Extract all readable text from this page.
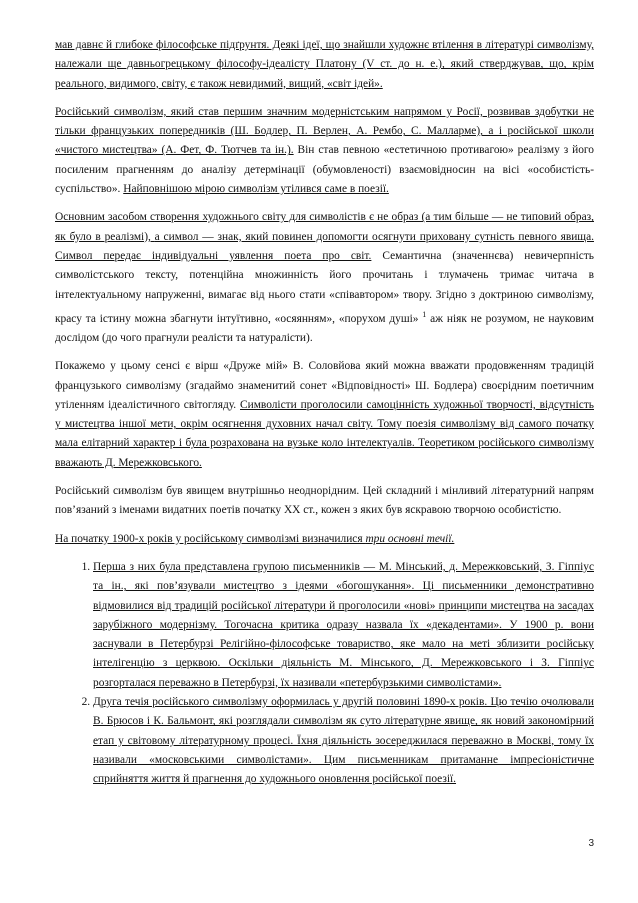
мав давнє й глибоке філософське підґрунтя. Деякі ідеї, що знайшли художнє втілення в літературі символізму, належали ще давньогрецькому філософу-ідеалісту Платону (V ст. до н. е.), який стверджував, що, крім реального, видимого, світу, є також невидимий, вищий, «світ ідей».

Російський символізм, який став першим значним модерністським напрямом у Росії, розвивав здобутки не тільки французьких попередників (Ш. Бодлер, П. Верлен, А. Рембо, С. Малларме), а і російської школи «чистого мистецтва» (А. Фет, Ф. Тютчев та ін.). Він став певною «естетичною противагою» реалізму з його посиленим прагненням до аналізу детермінації (обумовленості) взаємовідносин на вісі «особистість-суспільство». Найповнішою мірою символізм утілився саме в поезії.

Основним засобом створення художнього світу для символістів є не образ (а тим більше — не типовий образ, як було в реалізмі), а символ — знак, який повинен допомогти осягнути приховану сутність певного явища. Символ передає індивідуальні уявлення поета про світ. Семантична (значеннєва) невичерпність символістського тексту, потенційна множинність його прочитань і тлумачень тримає читача в інтелектуальному напруженні, вимагає від нього стати «співавтором» твору. Згідно з доктриною символізму, красу та істину можна збагнути інтуїтивно, «осяянням», «порухом душі» $^1$ аж ніяк не розумом, не науковим дослідом (до чого прагнули реалісти та натуралісти).

Покажемо у цьому сенсі є вірш «Друже мій» В. Соловйова який можна вважати продовженням традицій французького символізму (згадаймо знаменитий сонет «Відповідності» Ш. Бодлера) своєрідним поетичним утіленням ідеалістичного світогляду. Символісти проголосили самоцінність художньої творчості, відсутність у мистецтва іншої мети, окрім осягнення духовних начал світу. Тому поезія символізму від самого початку мала елітарний характер і була розрахована на вузьке коло інтелектуалів. Теоретиком російського символізму вважають Д. Мережковського.

Російський символізм був явищем внутрішньо неоднорідним. Цей складний і мінливий літературний напрям пов’язаний з іменами видатних поетів початку ХХ ст., кожен з яких був яскравою творчою особистістю.

На початку 1900-х років у російському символізмі визначилися три основні течії.

1. Перша з них була представлена групою письменників — М. Мінський, д. Мережковський, З. Гіппіус та ін., які пов’язували мистецтво з ідеями «богошукання». Ці письменники демонстративно відмовилися від традицій російської літератури й проголосили «нові» принципи мистецтва на засадах зарубіжного модернізму. Тогочасна критика одразу назвала їх «декадентами». У 1900 р. вони заснували в Петербурзі Релігійно-філософське товариство, яке мало на меті зблизити російську інтелігенцію з церквою. Оскільки діяльність М. Мінського, Д. Мережковського і З. Гіппіус розгорталася переважно в Петербурзі, їх називали «петербурзькими символістами».
2. Друга течія російського символізму оформилась у другій половині 1890-х років. Цю течію очолювали В. Брюсов і К. Бальмонт, які розглядали символізм як суто літературне явище, як новий закономірний етап у світовому літературному процесі. Їхня діяльність зосереджилася переважно в Москві, тому їх називали «московськими символістами». Цим письменникам притаманне імпресіоністичне сприйняття життя й прагнення до художнього оновлення російської поезії.
3
